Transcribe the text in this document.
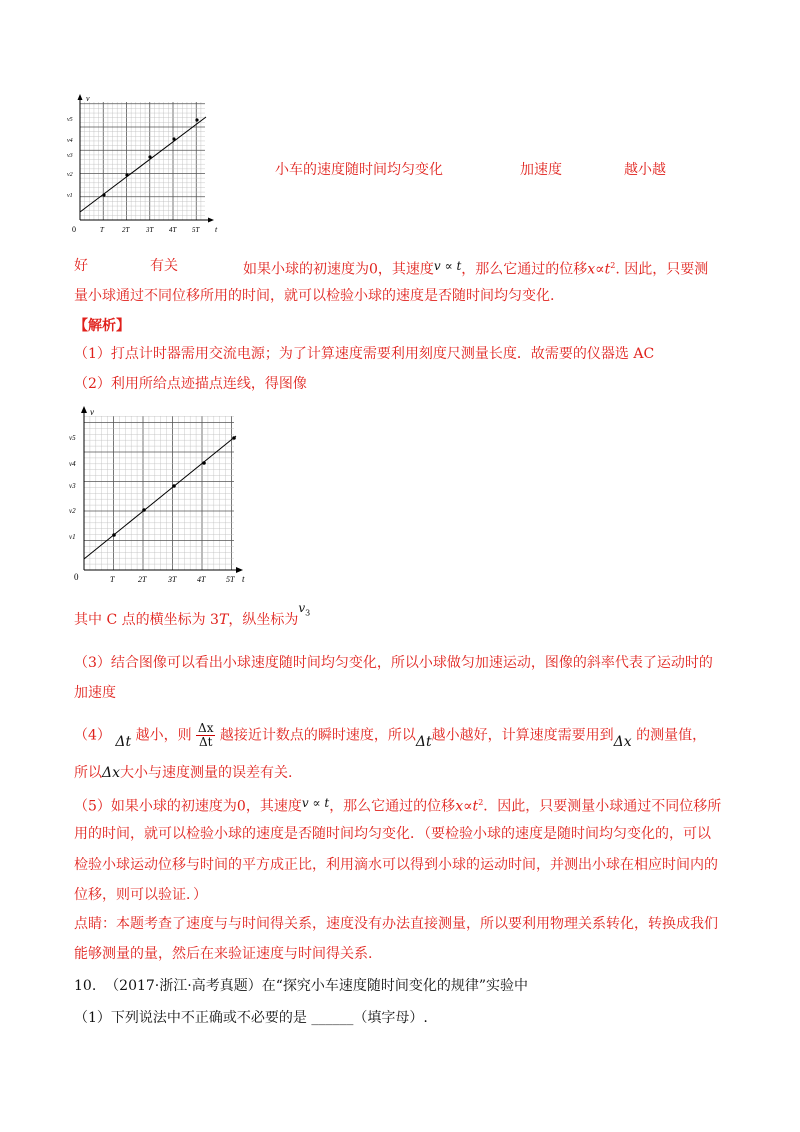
v
t
0	T	2T 3T 4T 5T
v1
v2
v3
v4
v5
小车的速度随时间均匀变化	加速度	越小越
好	有关	如果小球的初速度为0，其速度v ∝ t，那么它通过的位移$x\propto t^2$. 因此，只要测
量小球通过不同位移所用的时间，就可以检验小球的速度是否随时间均匀变化.
【解析】
（1）打点计时器需用交流电源；为了计算速度需要利用刻度尺测量长度．故需要的仪器选 AC
（2）利用所给点迹描点连线，得图像
v
t
0	T	2T	3T	4T	5T
v1
v2
v3
v4
v5
其中 C 点的横坐标为 3T，纵坐标为$v_3$
（3）结合图像可以看出小球速度随时间均匀变化，所以小球做匀加速运动，图像的斜率代表了运动时的
加速度
（4） Δt 越小，则 $\frac{\Delta x}{\Delta t}$ 越接近计数点的瞬时速度，所以Δt越小越好，计算速度需要用到Δx 的测量值，
所以Δx大小与速度测量的误差有关.
（5）如果小球的初速度为0，其速度v ∝ t，那么它通过的位移$x\propto t^2$．因此，只要测量小球通过不同位移所
用的时间，就可以检验小球的速度是否随时间均匀变化．（要检验小球的速度是随时间均匀变化的，可以
检验小球运动位移与时间的平方成正比，利用滴水可以得到小球的运动时间，并测出小球在相应时间内的
位移，则可以验证．）
点睛：本题考查了速度与与时间得关系，速度没有办法直接测量，所以要利用物理关系转化，转换成我们
能够测量的量，然后在来验证速度与时间得关系.
10. （2017·浙江·高考真题）在“探究小车速度随时间变化的规律”实验中
（1）下列说法中不正确或不必要的是 ______（填字母）.
